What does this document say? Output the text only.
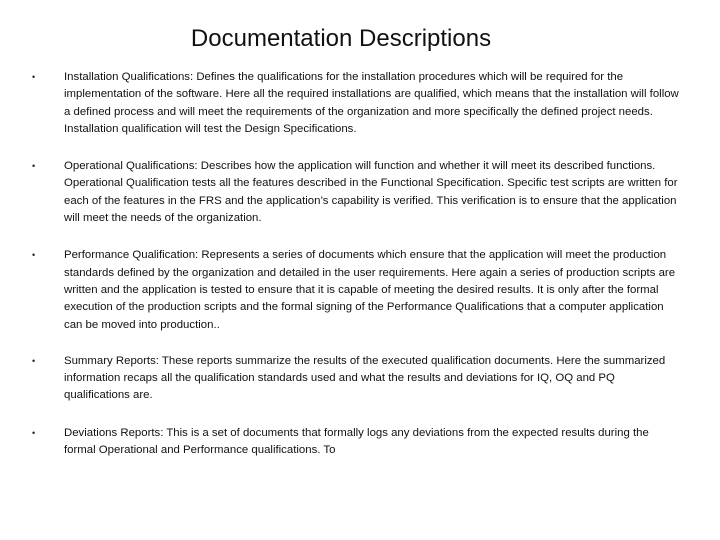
Documentation Descriptions
•	Installation Qualifications: Defines the qualifications for the installation procedures which will be required for the implementation of the software. Here all the required installations are qualified, which means that the installation will follow a defined process and will meet the requirements of the organization and more specifically the defined project needs. Installation qualification will test the Design Specifications.
•	Operational Qualifications: Describes how the application will function and whether it will meet its described functions. Operational Qualification tests all the features described in the Functional Specification. Specific test scripts are written for each of the features in the FRS and the application’s capability is verified. This verification is to ensure that the application will meet the needs of the organization.
•	Performance Qualification: Represents a series of documents which ensure that the application will meet the production standards defined by the organization and detailed in the user requirements. Here again a series of production scripts are written and the application is tested to ensure that it is capable of meeting the desired results. It is only after the formal execution of the production scripts and the formal signing of the Performance Qualifications that a computer application can be moved into production..
•	Summary Reports: These reports summarize the results of the executed qualification documents. Here the summarized information recaps all the qualification standards used and what the results and deviations for IQ, OQ and PQ qualifications are.
•	Deviations Reports: This is a set of documents that formally logs any deviations from the expected results during the formal Operational and Performance qualifications. To
